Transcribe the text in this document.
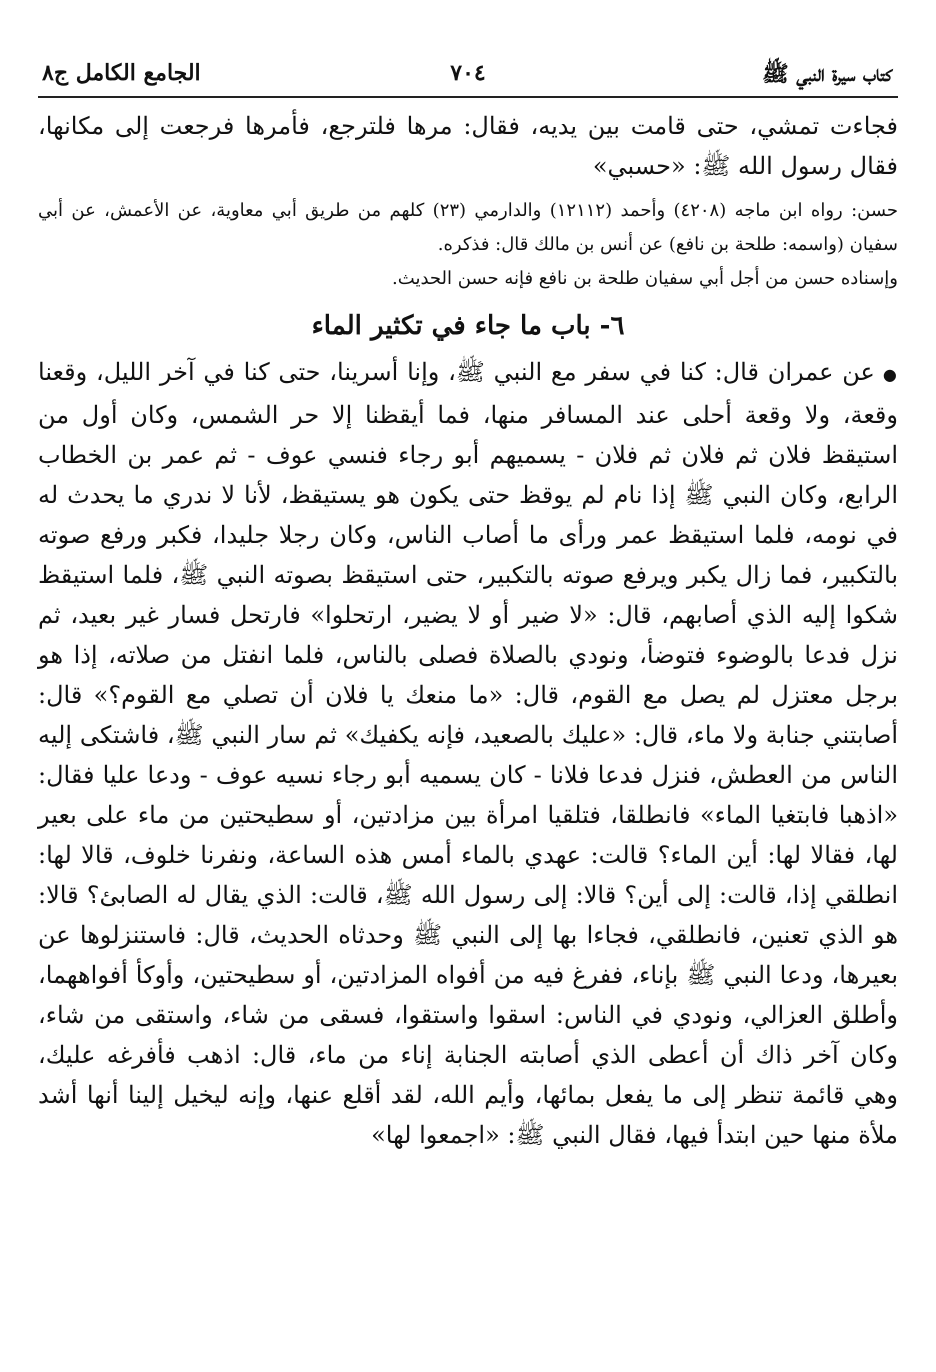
كتاب سيرة النبي ﷺ
٧٠٤
الجامع الكامل ج٨

فجاءت تمشي، حتى قامت بين يديه، فقال: مرها فلترجع، فأمرها فرجعت إلى مكانها، فقال رسول الله ﷺ: «حسبي»

حسن: رواه ابن ماجه (٤٢٠٨) وأحمد (١٢١١٢) والدارمي (٢٣) كلهم من طريق أبي معاوية، عن الأعمش، عن أبي سفيان (واسمه: طلحة بن نافع) عن أنس بن مالك قال: فذكره.

وإسناده حسن من أجل أبي سفيان طلحة بن نافع فإنه حسن الحديث.

٦- باب ما جاء في تكثير الماء

●عن عمران قال: كنا في سفر مع النبي ﷺ، وإنا أسرينا، حتى كنا في آخر الليل، وقعنا وقعة، ولا وقعة أحلى عند المسافر منها، فما أيقظنا إلا حر الشمس، وكان أول من استيقظ فلان ثم فلان ثم فلان - يسميهم أبو رجاء فنسي عوف - ثم عمر بن الخطاب الرابع، وكان النبي ﷺ إذا نام لم يوقظ حتى يكون هو يستيقظ، لأنا لا ندري ما يحدث له في نومه، فلما استيقظ عمر ورأى ما أصاب الناس، وكان رجلا جليدا، فكبر ورفع صوته بالتكبير، فما زال يكبر ويرفع صوته بالتكبير، حتى استيقظ بصوته النبي ﷺ، فلما استيقظ شكوا إليه الذي أصابهم، قال: «لا ضير أو لا يضير، ارتحلوا» فارتحل فسار غير بعيد، ثم نزل فدعا بالوضوء فتوضأ، ونودي بالصلاة فصلى بالناس، فلما انفتل من صلاته، إذا هو برجل معتزل لم يصل مع القوم، قال: «ما منعك يا فلان أن تصلي مع القوم؟» قال: أصابتني جنابة ولا ماء، قال: «عليك بالصعيد، فإنه يكفيك» ثم سار النبي ﷺ، فاشتكى إليه الناس من العطش، فنزل فدعا فلانا - كان يسميه أبو رجاء نسيه عوف - ودعا عليا فقال: «اذهبا فابتغيا الماء» فانطلقا، فتلقيا امرأة بين مزادتين، أو سطيحتين من ماء على بعير لها، فقالا لها: أين الماء؟ قالت: عهدي بالماء أمس هذه الساعة، ونفرنا خلوف، قالا لها: انطلقي إذا، قالت: إلى أين؟ قالا: إلى رسول الله ﷺ، قالت: الذي يقال له الصابئ؟ قالا: هو الذي تعنين، فانطلقي، فجاءا بها إلى النبي ﷺ وحدثاه الحديث، قال: فاستنزلوها عن بعيرها، ودعا النبي ﷺ بإناء، ففرغ فيه من أفواه المزادتين، أو سطيحتين، وأوكأ أفواههما، وأطلق العزالي، ونودي في الناس: اسقوا واستقوا، فسقى من شاء، واستقى من شاء، وكان آخر ذاك أن أعطى الذي أصابته الجنابة إناء من ماء، قال: اذهب فأفرغه عليك، وهي قائمة تنظر إلى ما يفعل بمائها، وأيم الله، لقد أقلع عنها، وإنه ليخيل إلينا أنها أشد ملأة منها حين ابتدأ فيها، فقال النبي ﷺ: «اجمعوا لها»
